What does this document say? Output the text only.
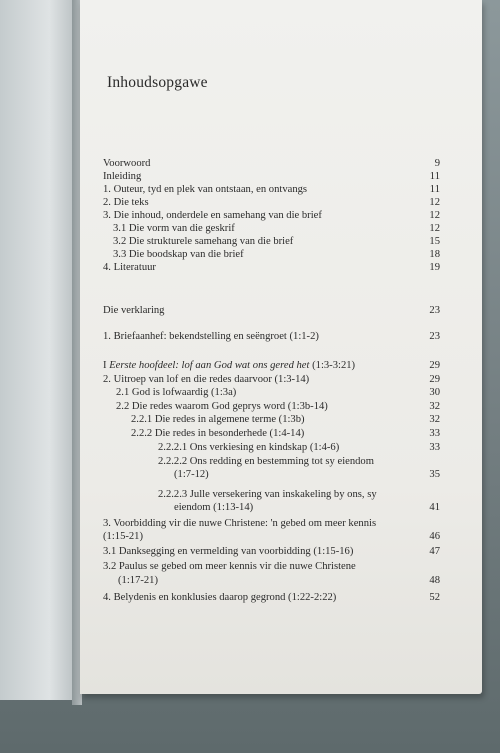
Inhoudsopgawe
Voorwoord	9
Inleiding	11
1. Outeur, tyd en plek van ontstaan, en ontvangs	11
2. Die teks	12
3. Die inhoud, onderdele en samehang van die brief	12
3.1 Die vorm van die geskrif	12
3.2 Die strukturele samehang van die brief	15
3.3 Die boodskap van die brief	18
4. Literatuur	19
Die verklaring	23
1. Briefaanhef: bekendstelling en seëngroet (1:1-2)	23
I Eerste hoofdeel: lof aan God wat ons gered het (1:3-3:21)	29
2. Uitroep van lof en die redes daarvoor (1:3-14)	29
2.1 God is lofwaardig (1:3a)	30
2.2 Die redes waarom God geprys word (1:3b-14)	32
2.2.1 Die redes in algemene terme (1:3b)	32
2.2.2 Die redes in besonderhede (1:4-14)	33
2.2.2.1 Ons verkiesing en kindskap (1:4-6)	33
2.2.2.2 Ons redding en bestemming tot sy eiendom
(1:7-12)	35
2.2.2.3 Julle versekering van inskakeling by ons, sy
eiendom (1:13-14)	41
3. Voorbidding vir die nuwe Christene: 'n gebed om meer kennis
(1:15-21)	46
3.1 Danksegging en vermelding van voorbidding (1:15-16)	47
3.2 Paulus se gebed om meer kennis vir die nuwe Christene
(1:17-21)	48
4. Belydenis en konklusies daarop gegrond (1:22-2:22)	52
